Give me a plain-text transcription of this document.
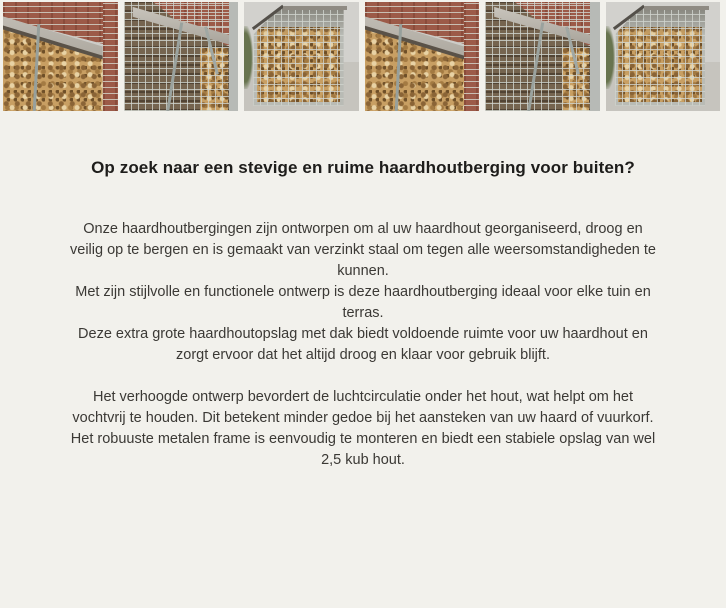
Op zoek naar een stevige en ruime haardhoutberging voor buiten?

Onze haardhoutbergingen zijn ontworpen om al uw haardhout georganiseerd, droog en veilig op te bergen en is gemaakt van verzinkt staal om tegen alle weersomstandigheden te kunnen.

Met zijn stijlvolle en functionele ontwerp is deze haardhoutberging ideaal voor elke tuin en terras.

Deze extra grote haardhoutopslag met dak biedt voldoende ruimte voor uw haardhout en zorgt ervoor dat het altijd droog en klaar voor gebruik blijft.

Het verhoogde ontwerp bevordert de luchtcirculatie onder het hout, wat helpt om het vochtvrij te houden. Dit betekent minder gedoe bij het aansteken van uw haard of vuurkorf. Het robuuste metalen frame is eenvoudig te monteren en biedt een stabiele opslag van wel 2,5 kub hout.
